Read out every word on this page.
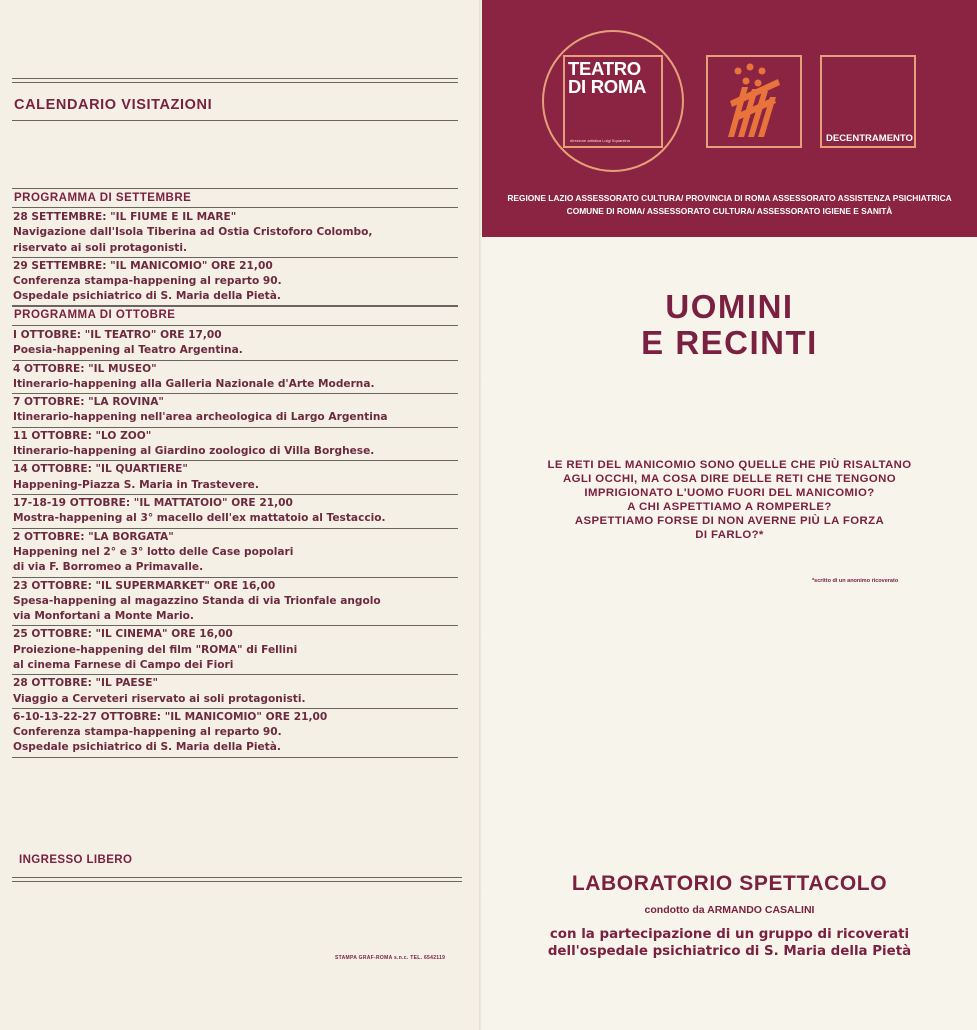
CALENDARIO VISITAZIONI
PROGRAMMA DI SETTEMBRE
28 SETTEMBRE: "IL FIUME E IL MARE"
Navigazione dall'Isola Tiberina ad Ostia Cristoforo Colombo,
riservato ai soli protagonisti.
29 SETTEMBRE: "IL MANICOMIO" ORE 21,00
Conferenza stampa-happening al reparto 90.
Ospedale psichiatrico di S. Maria della Pietà.
PROGRAMMA DI OTTOBRE
I OTTOBRE: "IL TEATRO" ORE 17,00
Poesia-happening al Teatro Argentina.
4 OTTOBRE: "IL MUSEO"
Itinerario-happening alla Galleria Nazionale d'Arte Moderna.
7 OTTOBRE: "LA ROVINA"
Itinerario-happening nell'area archeologica di Largo Argentina
11 OTTOBRE: "LO ZOO"
Itinerario-happening al Giardino zoologico di Villa Borghese.
14 OTTOBRE: "IL QUARTIERE"
Happening-Piazza S. Maria in Trastevere.
17-18-19 OTTOBRE: "IL MATTATOIO" ORE 21,00
Mostra-happening al 3° macello dell'ex mattatoio al Testaccio.
2 OTTOBRE: "LA BORGATA"
Happening nel 2° e 3° lotto delle Case popolari
di via F. Borromeo a Primavalle.
23 OTTOBRE: "IL SUPERMARKET" ORE 16,00
Spesa-happening al magazzino Standa di via Trionfale angolo
via Monfortani a Monte Mario.
25 OTTOBRE: "IL CINEMA" ORE 16,00
Proiezione-happening del film "ROMA" di Fellini
al cinema Farnese di Campo dei Fiori
28 OTTOBRE: "IL PAESE"
Viaggio a Cerveteri riservato ai soli protagonisti.
6-10-13-22-27 OTTOBRE: "IL MANICOMIO" ORE 21,00
Conferenza stampa-happening al reparto 90.
Ospedale psichiatrico di S. Maria della Pietà.
INGRESSO LIBERO
STAMPA GRAF-ROMA s.n.c. TEL. 6542119
TEATRO
DI ROMA
direzione artistica Luigi Squarzina	DECENTRAMENTO
REGIONE LAZIO ASSESSORATO CULTURA/ PROVINCIA DI ROMA ASSESSORATO ASSISTENZA PSICHIATRICA
COMUNE DI ROMA/ ASSESSORATO CULTURA/ ASSESSORATO IGIENE E SANITÀ
UOMINI
E RECINTI
LE RETI DEL MANICOMIO SONO QUELLE CHE PIÙ RISALTANO
AGLI OCCHI, MA COSA DIRE DELLE RETI CHE TENGONO
IMPRIGIONATO L'UOMO FUORI DEL MANICOMIO?
A CHI ASPETTIAMO A ROMPERLE?
ASPETTIAMO FORSE DI NON AVERNE PIÙ LA FORZA
DI FARLO?*
*scritto di un anonimo ricoverato
LABORATORIO SPETTACOLO
condotto da ARMANDO CASALINI
con la partecipazione di un gruppo di ricoverati
dell'ospedale psichiatrico di S. Maria della Pietà
